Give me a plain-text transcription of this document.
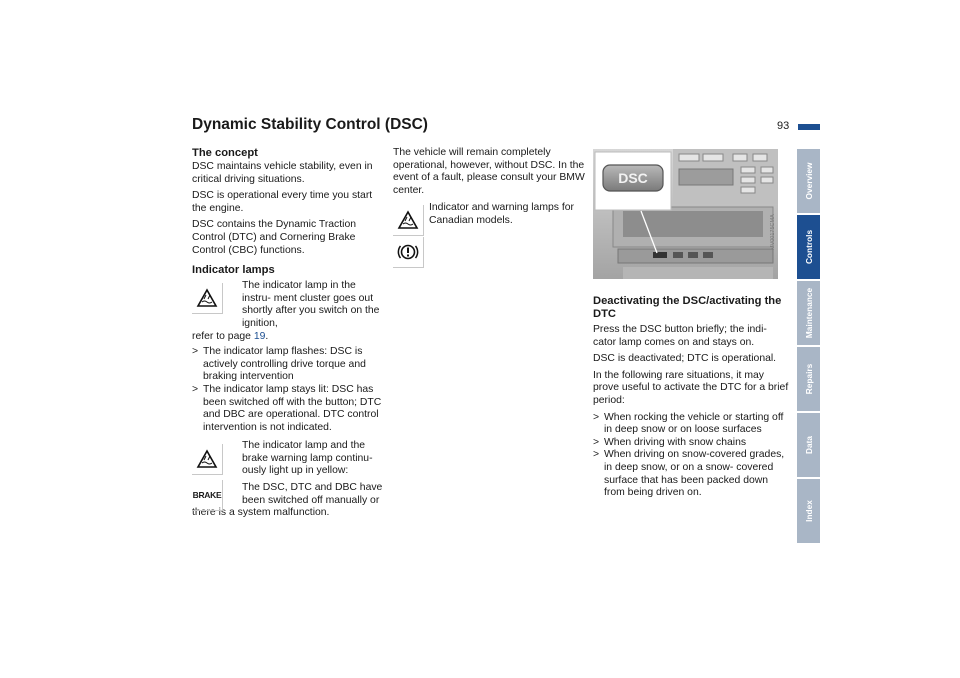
Dynamic Stability Control (DSC)	93
The concept

DSC maintains vehicle stability, even in critical driving situations.

DSC is operational every time you start the engine.

DSC contains the Dynamic Traction Control (DTC) and Cornering Brake Control (CBC) functions.

Indicator lamps
The indicator lamp in the instru- ment cluster goes out shortly after you switch on the ignition,
refer to page 19.
> The indicator lamp flashes: DSC is actively controlling drive torque and braking intervention
> The indicator lamp stays lit: DSC has been switched off with the button; DTC and DBC are operational. DTC control intervention is not indicated.
The indicator lamp and the brake warning lamp continu- ously light up in yellow:
BRAKE
The DSC, DTC and DBC have been switched off manually or
there is a system malfunction.

The vehicle will remain completely operational, however, without DSC. In the event of a fault, please consult your BMW center.

Indicator and warning lamps for Canadian models.
DSC
MV00175CMA
Deactivating the DSC/activating the DTC

Press the DSC button briefly; the indi- cator lamp comes on and stays on.

DSC is deactivated; DTC is operational.

In the following rare situations, it may prove useful to activate the DTC for a brief period:

> When rocking the vehicle or starting off in deep snow or on loose surfaces
> When driving with snow chains
> When driving on snow-covered grades, in deep snow, or on a snow- covered surface that has been packed down from being driven on.
Overview
Controls
Maintenance
Repairs
Data
Index
